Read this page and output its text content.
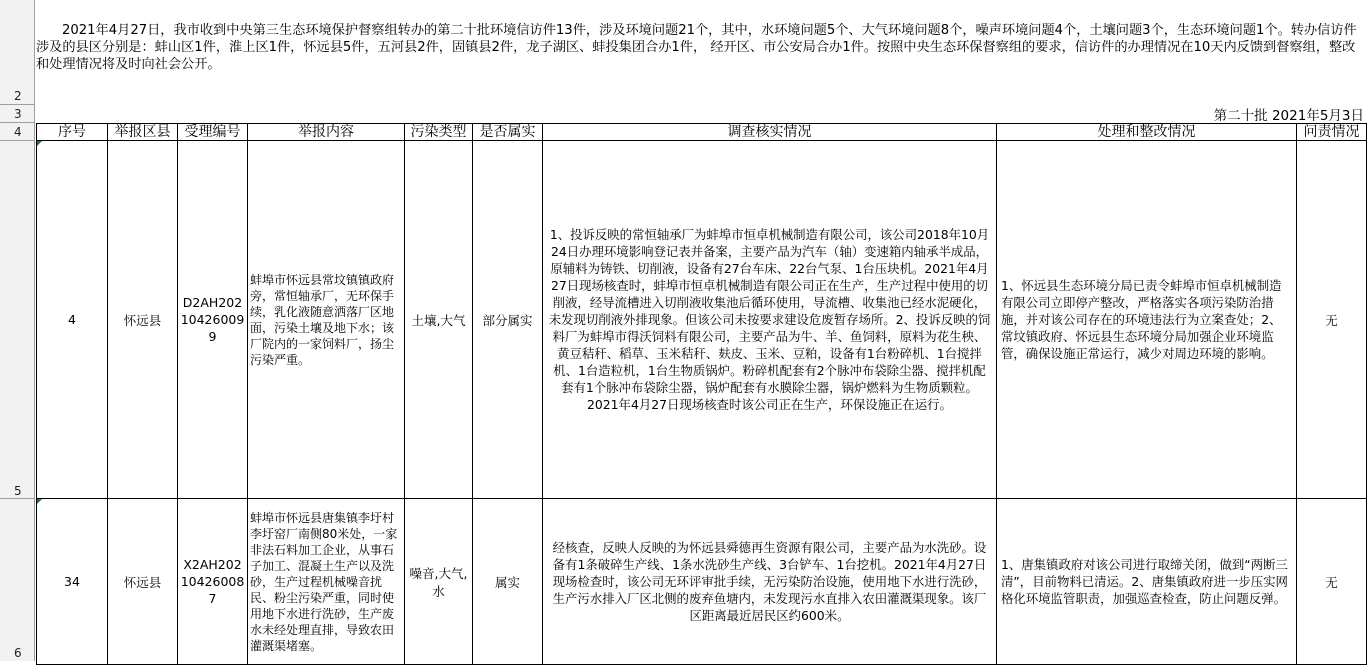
2
3
4
5
6
2021年4月27日，我市收到中央第三生态环境保护督察组转办的第二十批环境信访件13件，涉及环境问题21个，其中，水环境问题5个、大气环境问题8个，噪声环境问题4个，土壤问题3个，生态环境问题1个。转办信访件涉及的县区分别是：蚌山区1件，淮上区1件，怀远县5件，五河县2件，固镇县2件，龙子湖区、蚌投集团合办1件， 经开区、市公安局合办1件。按照中央生态环保督察组的要求，信访件的办理情况在10天内反馈到督察组，整改和处理情况将及时向社会公开。
第二十批 2021年5月3日
序号	举报区县	受理编号	举报内容	污染类型	是否属实	调查核实情况	处理和整改情况	问责情况
4	怀远县	D2AH202104260099	蚌埠市怀远县常坟镇镇政府旁，常恒轴承厂，无环保手续，乳化液随意洒落厂区地面，污染土壤及地下水；该厂院内的一家饲料厂，扬尘污染严重。	土壤,大气	部分属实	1、投诉反映的常恒轴承厂为蚌埠市恒卓机械制造有限公司，该公司2018年10月24日办理环境影响登记表并备案，主要产品为汽车（轴）变速箱内轴承半成品，原辅料为铸铁、切削液，设备有27台车床、22台气泵、1台压块机。2021年4月27日现场核查时，蚌埠市恒卓机械制造有限公司正在生产，生产过程中使用的切削液，经导流槽进入切削液收集池后循环使用，导流槽、收集池已经水泥硬化，未发现切削液外排现象。但该公司未按要求建设危废暂存场所。2、投诉反映的饲料厂为蚌埠市得沃饲料有限公司，主要产品为牛、羊、鱼饲料，原料为花生秧、黄豆秸秆、稻草、玉米秸秆、麸皮、玉米、豆粕，设备有1台粉碎机、1台搅拌机、1台造粒机，1台生物质锅炉。粉碎机配套有2个脉冲布袋除尘器、搅拌机配套有1个脉冲布袋除尘器，锅炉配套有水膜除尘器，锅炉燃料为生物质颗粒。2021年4月27日现场核查时该公司正在生产，环保设施正在运行。	1、怀远县生态环境分局已责令蚌埠市恒卓机械制造有限公司立即停产整改，严格落实各项污染防治措施，并对该公司存在的环境违法行为立案查处；2、常坟镇政府、怀远县生态环境分局加强企业环境监管，确保设施正常运行，减少对周边环境的影响。	无
34	怀远县	X2AH202104260087	蚌埠市怀远县唐集镇李圩村李圩窑厂南侧80米处，一家非法石料加工企业，从事石子加工、混凝土生产以及洗砂，生产过程机械噪音扰民、粉尘污染严重，同时使用地下水进行洗砂，生产废水未经处理直排，导致农田灌溉渠堵塞。	噪音,大气,水	属实	经核查，反映人反映的为怀远县舜德再生资源有限公司，主要产品为水洗砂。设备有1条破碎生产线、1条水洗砂生产线、3台铲车、1台挖机。2021年4月27日现场检查时，该公司无环评审批手续，无污染防治设施，使用地下水进行洗砂，生产污水排入厂区北侧的废弃鱼塘内，未发现污水直排入农田灌溉渠现象。该厂区距离最近居民区约600米。	1、唐集镇政府对该公司进行取缔关闭，做到“两断三清”，目前物料已清运。2、唐集镇政府进一步压实网格化环境监管职责，加强巡查检查，防止问题反弹。	无
